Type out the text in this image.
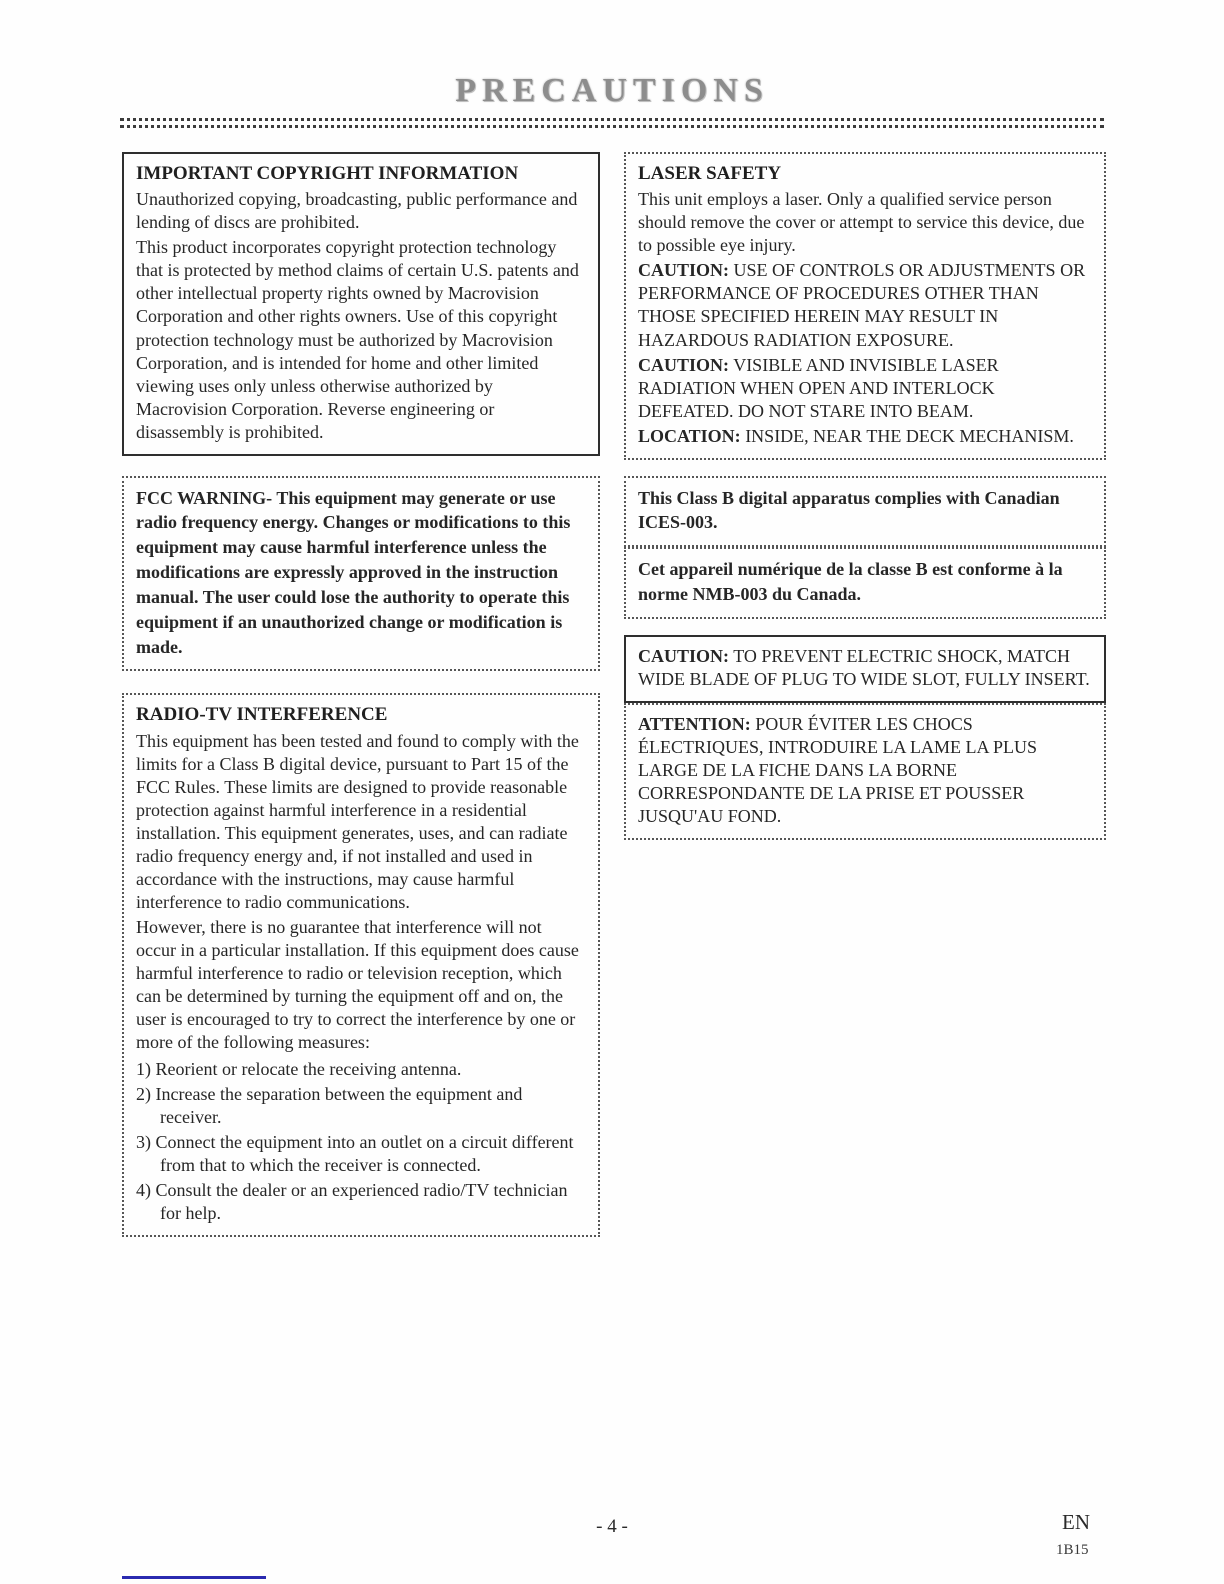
PRECAUTIONS
IMPORTANT COPYRIGHT INFORMATION

Unauthorized copying, broadcasting, public performance and lending of discs are prohibited.

This product incorporates copyright protection technology that is protected by method claims of certain U.S. patents and other intellectual property rights owned by Macrovision Corporation and other rights owners. Use of this copyright protection technology must be authorized by Macrovision Corporation, and is intended for home and other limited viewing uses only unless otherwise authorized by Macrovision Corporation. Reverse engineering or disassembly is prohibited.

FCC WARNING- This equipment may generate or use radio frequency energy. Changes or modifications to this equipment may cause harmful interference unless the modifications are expressly approved in the instruction manual. The user could lose the authority to operate this equipment if an unauthorized change or modification is made.

RADIO-TV INTERFERENCE

This equipment has been tested and found to comply with the limits for a Class B digital device, pursuant to Part 15 of the FCC Rules. These limits are designed to provide reasonable protection against harmful interference in a residential installation. This equipment generates, uses, and can radiate radio frequency energy and, if not installed and used in accordance with the instructions, may cause harmful interference to radio communications.

However, there is no guarantee that interference will not occur in a particular installation. If this equipment does cause harmful interference to radio or television reception, which can be determined by turning the equipment off and on, the user is encouraged to try to correct the interference by one or more of the following measures:

1) Reorient or relocate the receiving antenna.

2) Increase the separation between the equipment and receiver.

3) Connect the equipment into an outlet on a circuit different from that to which the receiver is connected.

4) Consult the dealer or an experienced radio/TV technician for help.

LASER SAFETY

This unit employs a laser. Only a qualified service person should remove the cover or attempt to service this device, due to possible eye injury.

CAUTION: USE OF CONTROLS OR ADJUSTMENTS OR PERFORMANCE OF PROCEDURES OTHER THAN THOSE SPECIFIED HEREIN MAY RESULT IN HAZARDOUS RADIATION EXPOSURE.

CAUTION: VISIBLE AND INVISIBLE LASER RADIATION WHEN OPEN AND INTERLOCK DEFEATED. DO NOT STARE INTO BEAM.

LOCATION: INSIDE, NEAR THE DECK MECHANISM.

This Class B digital apparatus complies with Canadian ICES-003.

Cet appareil numérique de la classe B est conforme à la norme NMB-003 du Canada.

CAUTION: TO PREVENT ELECTRIC SHOCK, MATCH WIDE BLADE OF PLUG TO WIDE SLOT, FULLY INSERT.

ATTENTION: POUR ÉVITER LES CHOCS ÉLECTRIQUES, INTRODUIRE LA LAME LA PLUS LARGE DE LA FICHE DANS LA BORNE CORRESPONDANTE DE LA PRISE ET POUSSER JUSQU'AU FOND.

- 4 -	EN
1B15
